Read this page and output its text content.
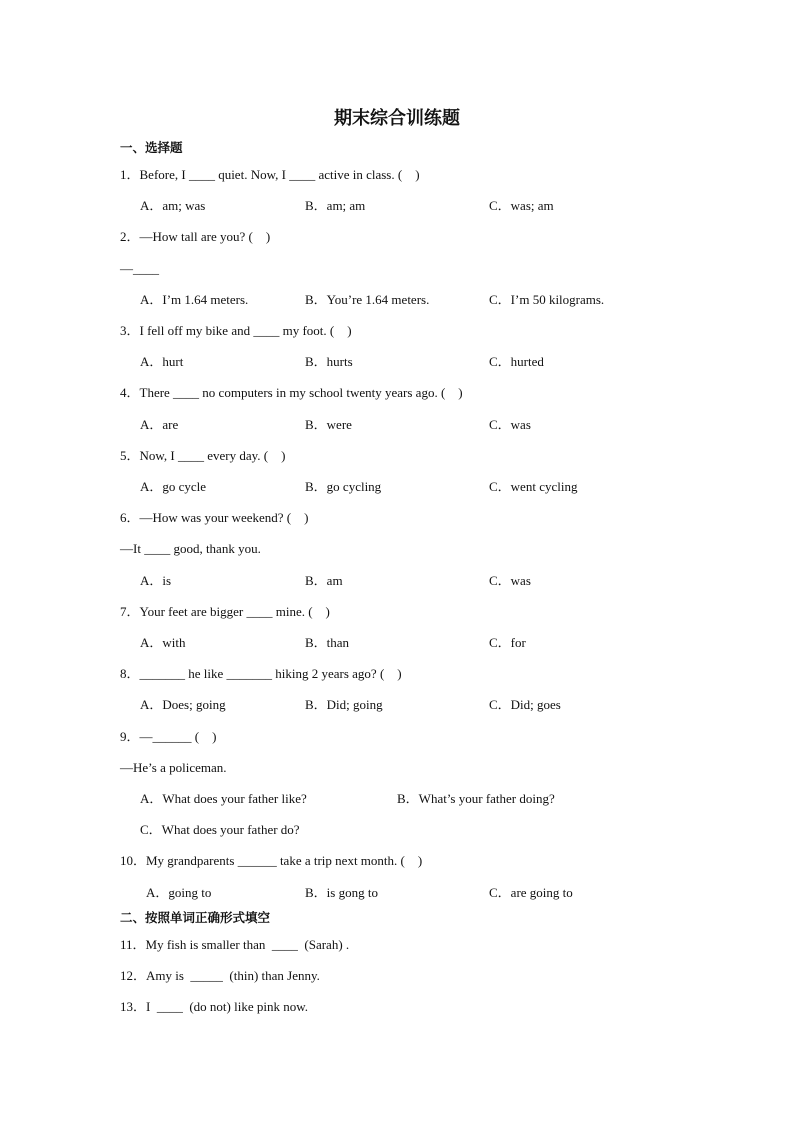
期末综合训练题
一、选择题
1．Before, I ____ quiet. Now, I ____ active in class. (　)
A．am; was	B．am; am	C．was; am
2．—How tall are you? (　)
—____
A．I’m 1.64 meters.	B．You’re 1.64 meters.	C．I’m 50 kilograms.
3．I fell off my bike and ____ my foot. (　)
A．hurt	B．hurts	C．hurted
4．There ____ no computers in my school twenty years ago. (　)
A．are	B．were	C．was
5．Now, I ____ every day. (　)
A．go cycle	B．go cycling	C．went cycling
6．—How was your weekend? (　)
—It ____ good, thank you.
A．is	B．am	C．was
7．Your feet are bigger ____ mine. (　)
A．with	B．than	C．for
8．_______ he like _______ hiking 2 years ago? (　)
A．Does; going	B．Did; going	C．Did; goes
9．—______ (　)
—He’s a policeman.
A．What does your father like?	B．What’s your father doing?
C．What does your father do?
10．My grandparents ______ take a trip next month. (　)
A．going to	B．is gong to	C．are going to
二、按照单词正确形式填空
11．My fish is smaller than  ____  (Sarah) .
12．Amy is  _____  (thin) than Jenny.
13．I  ____  (do not) like pink now.
